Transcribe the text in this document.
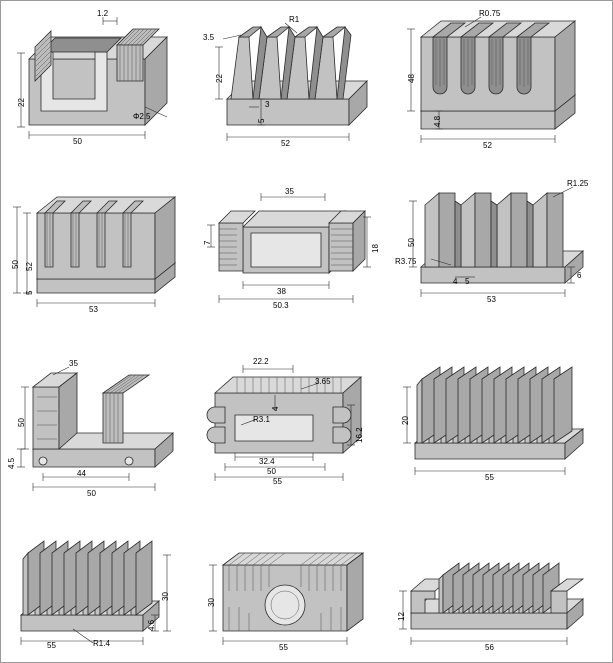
22
1.2
50
Φ2.5
3.5
R1
22
5
3
52
R0.75
48
4.8
52
50 52
5
53
35
18
7
38
50.3
R1.25
50
R3.75
4 5
53
6
35
50
4.5
44
50
22.2
3.65
4
R3.1
16.2
32.4
50
55
20
55
30
4.6
55	R1.4
30
55
12
56
